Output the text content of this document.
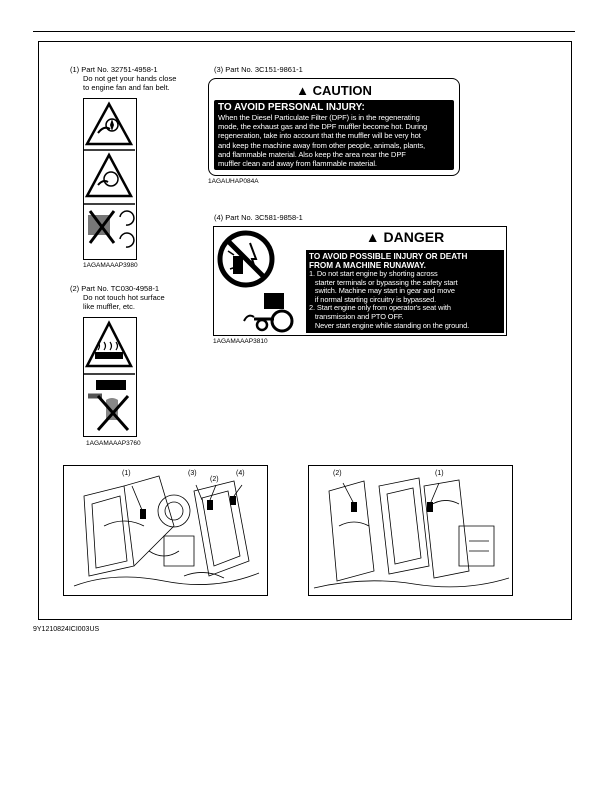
(1) Part No. 32751-4958-1
Do not get your hands close
to engine fan and fan belt.
1AGAMAAAP3980
(2) Part No. TC030-4958-1
Do not touch hot surface
like muffler, etc.
1AGAMAAAP3760
(3) Part No. 3C151-9861-1
▲ CAUTION
TO AVOID PERSONAL INJURY:
When the Diesel Particulate Filter (DPF) is in the regenerating
mode, the exhaust gas and the DPF muffler become hot. During
regeneration, take into account that the muffler will be very hot
and keep the machine away from other people, animals, plants,
and flammable material. Also keep the area near the DPF
muffler clean and away from flammable material.
1AGAUHAP084A
(4) Part No. 3C581-9858-1
▲ DANGER
TO AVOID POSSIBLE INJURY OR DEATH
FROM A MACHINE RUNAWAY.
1. Do not start engine by shorting across
starter terminals or bypassing the safety start
switch. Machine may start in gear and move
if normal starting circuitry is bypassed.
2. Start engine only from operator's seat with
transmission and PTO OFF.
Never start engine while standing on the ground.
1AGAMAAAP3810
(1)	(3)
(2)
(4)	(2)	(1)
9Y1210824ICI003US
